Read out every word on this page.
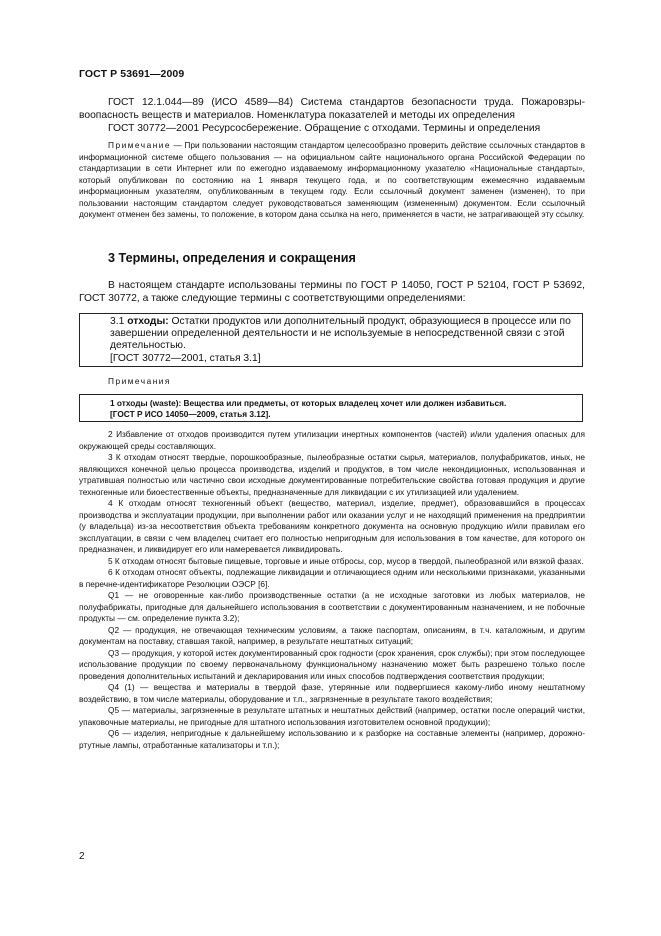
ГОСТ Р 53691—2009

ГОСТ 12.1.044—89 (ИСО 4589—84) Система стандартов безопасности труда. Пожаровзрывоопасность веществ и материалов. Номенклатура показателей и методы их определения

ГОСТ 30772—2001 Ресурсосбережение. Обращение с отходами. Термины и определения

Примечание — При пользовании настоящим стандартом целесообразно проверить действие ссылочных стандартов в информационной системе общего пользования — на официальном сайте национального органа Российской Федерации по стандартизации в сети Интернет или по ежегодно издаваемому информационному указателю «Национальные стандарты», который опубликован по состоянию на 1 января текущего года, и по соответствующим ежемесячно издаваемым информационным указателям, опубликованным в текущем году. Если ссылочный документ заменен (изменен), то при пользовании настоящим стандартом следует руководствоваться заменяющим (измененным) документом. Если ссылочный документ отменен без замены, то положение, в котором дана ссылка на него, применяется в части, не затрагивающей эту ссылку.

3 Термины, определения и сокращения

В настоящем стандарте использованы термины по ГОСТ Р 14050, ГОСТ Р 52104, ГОСТ Р 53692, ГОСТ 30772, а также следующие термины с соответствующими определениями:

3.1 отходы: Остатки продуктов или дополнительный продукт, образующиеся в процессе или по завершении определенной деятельности и не используемые в непосредственной связи с этой деятельностью.

[ГОСТ 30772—2001, статья 3.1]

Примечания

1 отходы (waste): Вещества или предметы, от которых владелец хочет или должен избавиться.

[ГОСТ Р ИСО 14050—2009, статья 3.12].

2 Избавление от отходов производится путем утилизации инертных компонентов (частей) и/или удаления опасных для окружающей среды составляющих.

3 К отходам относят твердые, порошкообразные, пылеобразные остатки сырья, материалов, полуфабрикатов, иных, не являющихся конечной целью процесса производства, изделий и продуктов, в том числе некондиционных, использованная и утратившая полностью или частично свои исходные документированные потребительские свойства готовая продукция и другие техногенные или биоестественные объекты, предназначенные для ликвидации с их утилизацией или удалением.

4 К отходам относят техногенный объект (вещество, материал, изделие, предмет), образовавшийся в процессах производства и эксплуатации продукции, при выполнении работ или оказании услуг и не находящий применения на предприятии (у владельца) из-за несоответствия объекта требованиям конкретного документа на основную продукцию и/или правилам его эксплуатации, в связи с чем владелец считает его полностью непригодным для использования в том качестве, для которого он предназначен, и ликвидирует его или намеревается ликвидировать.

5 К отходам относят бытовые пищевые, торговые и иные отбросы, сор, мусор в твердой, пылеобразной или вязкой фазах.

6 К отходам относят объекты, подлежащие ликвидации и отличающиеся одним или несколькими признаками, указанными в перечне-идентификаторе Резолюции ОЭСР [6].

Q1 — не оговоренные как-либо производственные остатки (а не исходные заготовки из любых материалов, не полуфабрикаты, пригодные для дальнейшего использования в соответствии с документированным назначением, и не побочные продукты — см. определение пункта 3.2);

Q2 — продукция, не отвечающая техническим условиям, а также паспортам, описаниям, в т.ч. каталожным, и другим документам на поставку, ставшая такой, например, в результате нештатных ситуаций;

Q3 — продукция, у которой истек документированный срок годности (срок хранения, срок службы); при этом последующее использование продукции по своему первоначальному функциональному назначению может быть разрешено только после проведения дополнительных испытаний и декларирования или иных способов подтверждения соответствия продукции;

Q4 (1) — вещества и материалы в твердой фазе, утерянные или подвергшиеся какому-либо иному нештатному воздействию, в том числе материалы, оборудование и т.п., загрязненные в результате такого воздействия;

Q5 — материалы, загрязненные в результате штатных и нештатных действий (например, остатки после операций чистки, упаковочные материалы, не пригодные для штатного использования изготовителем основной продукции);

Q6 — изделия, непригодные к дальнейшему использованию и к разборке на составные элементы (например, дорожно-ртутные лампы, отработанные катализаторы и т.п.);

2
